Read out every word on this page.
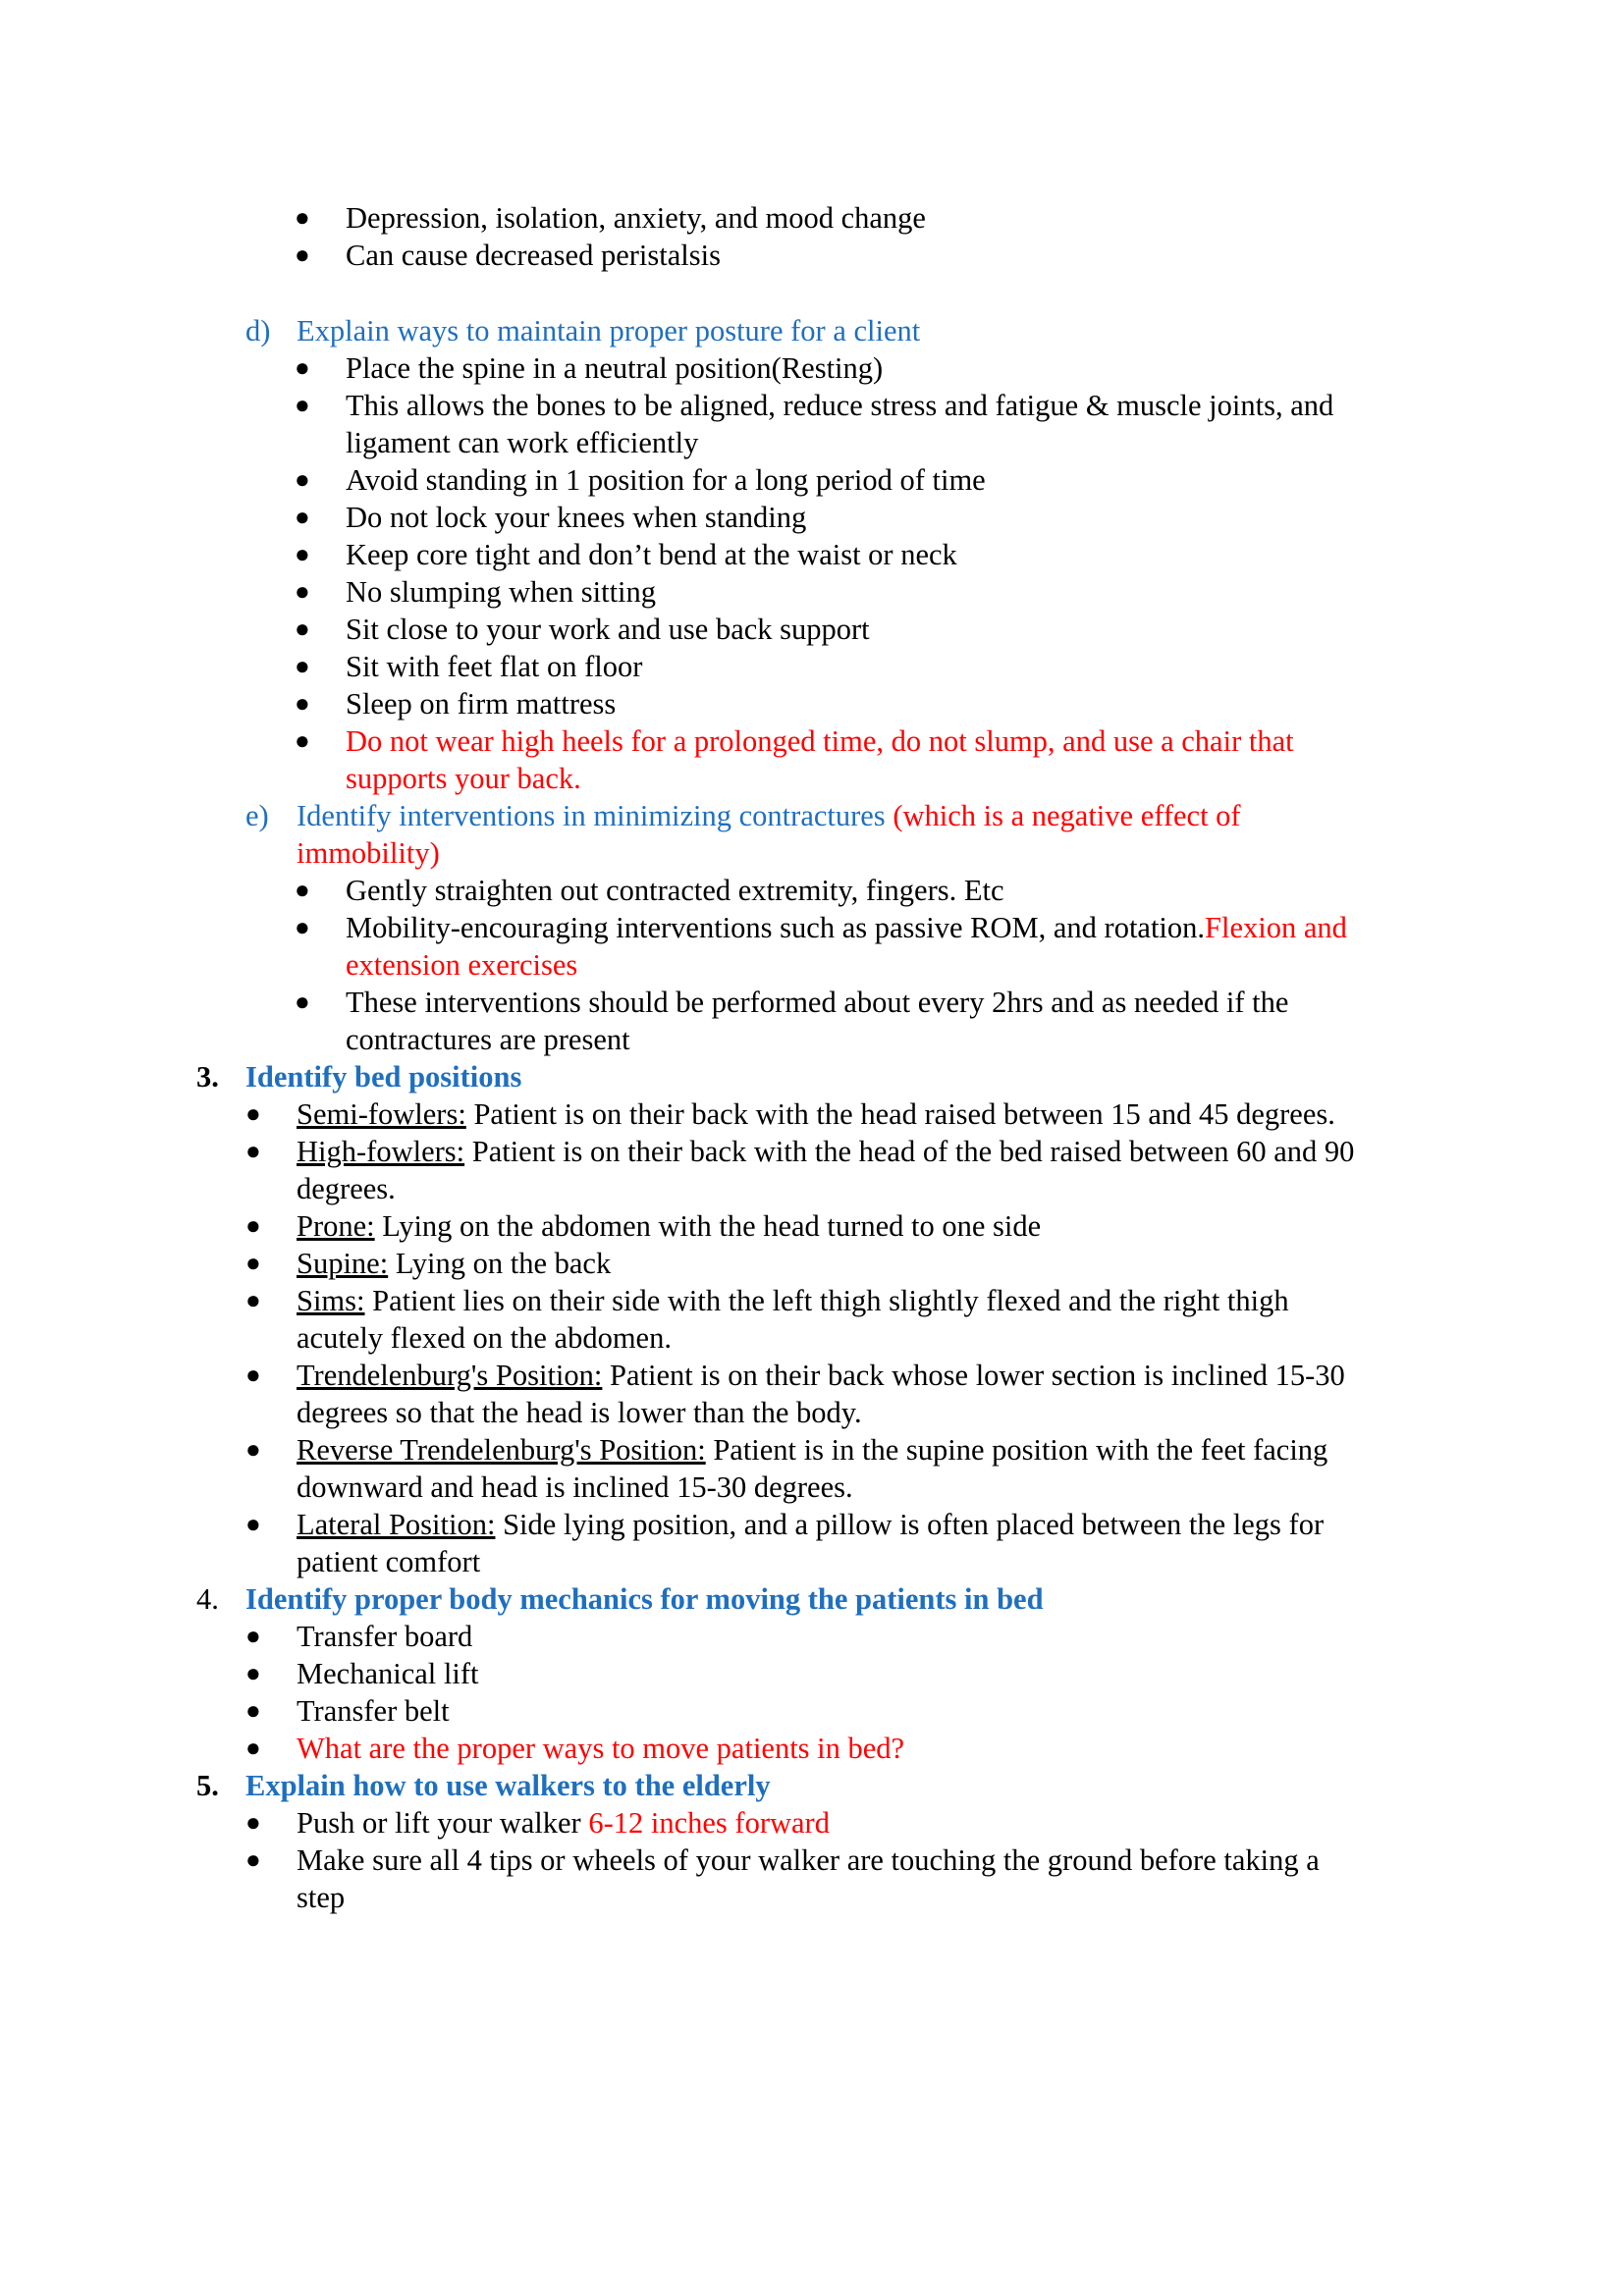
● Depression, isolation, anxiety, and mood change
● Can cause decreased peristalsis
d) Explain ways to maintain proper posture for a client
● Place the spine in a neutral position(Resting)
● This allows the bones to be aligned, reduce stress and fatigue & muscle joints, and
ligament can work efficiently
● Avoid standing in 1 position for a long period of time
● Do not lock your knees when standing
● Keep core tight and don’t bend at the waist or neck
● No slumping when sitting
● Sit close to your work and use back support
● Sit with feet flat on floor
● Sleep on firm mattress
● Do not wear high heels for a prolonged time, do not slump, and use a chair that
supports your back.
e) Identify interventions in minimizing contractures (which is a negative effect of
immobility)
● Gently straighten out contracted extremity, fingers. Etc
● Mobility-encouraging interventions such as passive ROM, and rotation.Flexion and
extension exercises
● These interventions should be performed about every 2hrs and as needed if the
contractures are present
3. Identify bed positions
● Semi-fowlers: Patient is on their back with the head raised between 15 and 45 degrees.
● High-fowlers: Patient is on their back with the head of the bed raised between 60 and 90
degrees.
● Prone: Lying on the abdomen with the head turned to one side
● Supine: Lying on the back
● Sims: Patient lies on their side with the left thigh slightly flexed and the right thigh
acutely flexed on the abdomen.
● Trendelenburg's Position: Patient is on their back whose lower section is inclined 15-30
degrees so that the head is lower than the body.
● Reverse Trendelenburg's Position: Patient is in the supine position with the feet facing
downward and head is inclined 15-30 degrees.
● Lateral Position: Side lying position, and a pillow is often placed between the legs for
patient comfort
4. Identify proper body mechanics for moving the patients in bed
● Transfer board
● Mechanical lift
● Transfer belt
● What are the proper ways to move patients in bed?
5. Explain how to use walkers to the elderly
● Push or lift your walker 6-12 inches forward
● Make sure all 4 tips or wheels of your walker are touching the ground before taking a
step
